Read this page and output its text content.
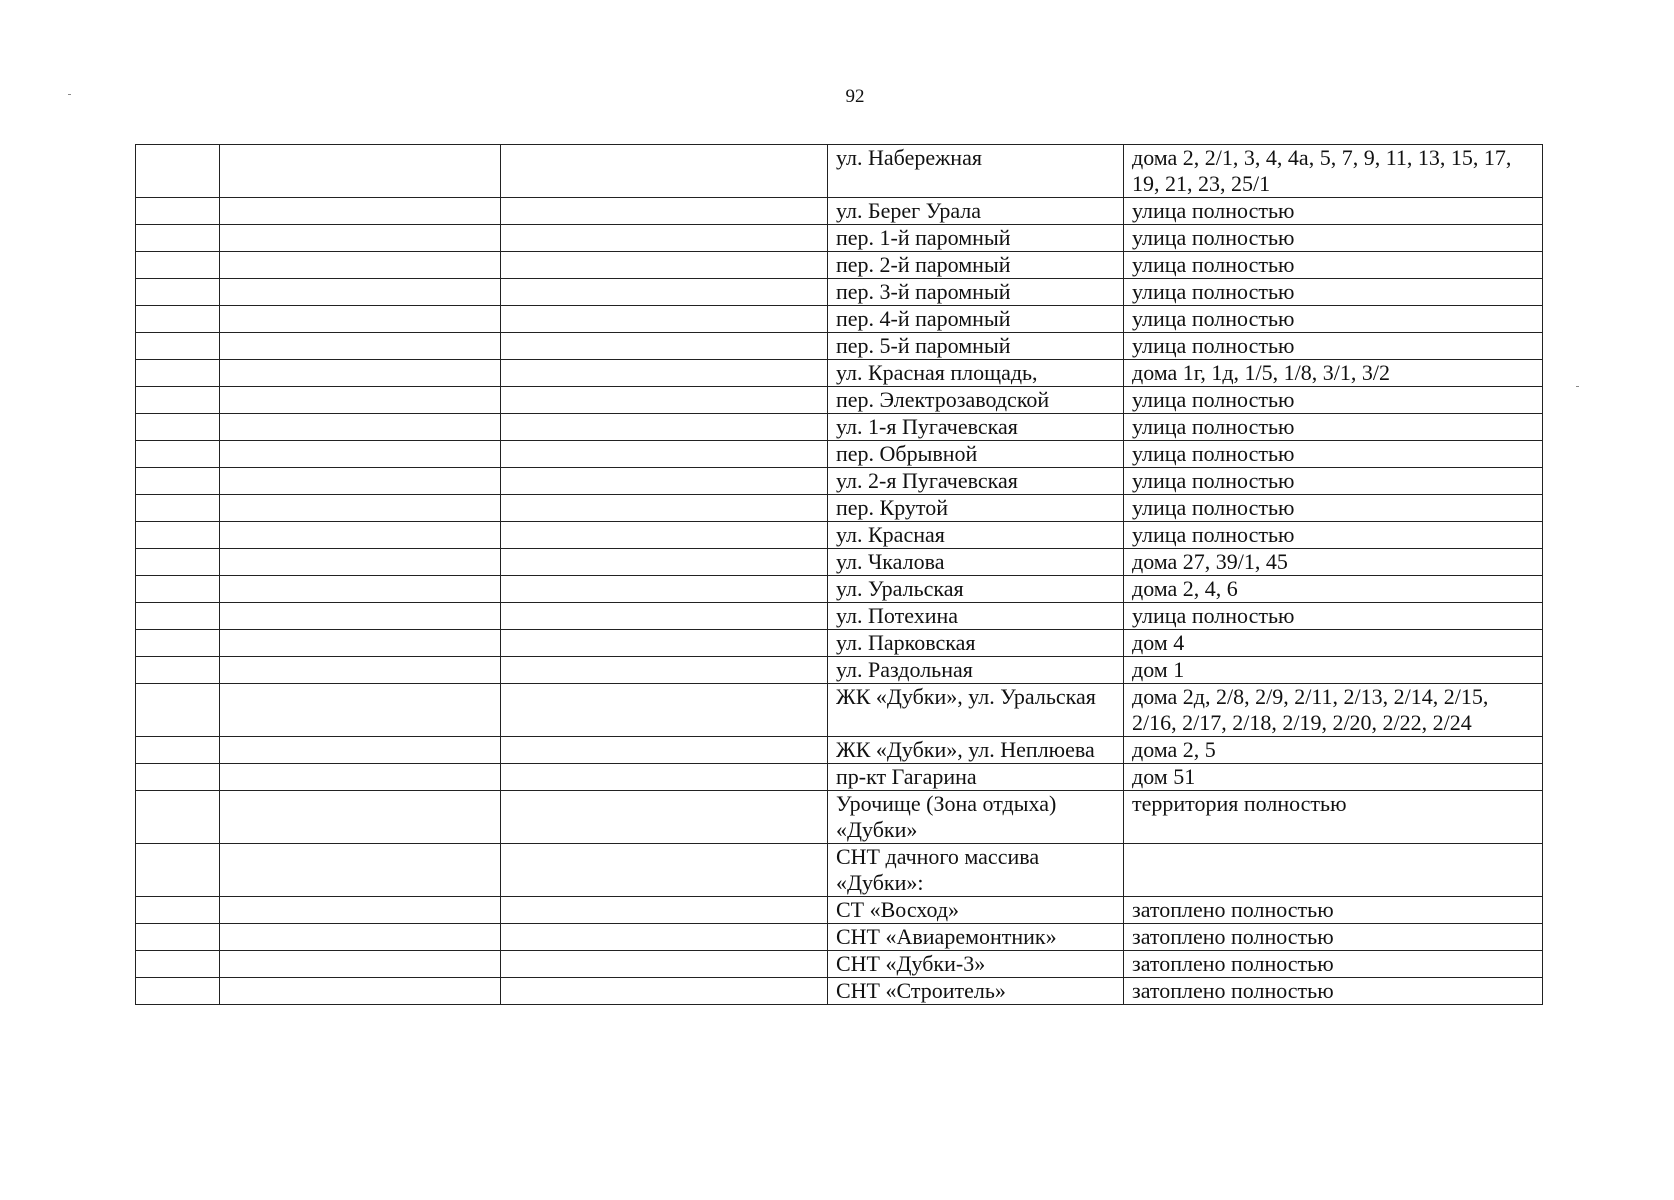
92
			ул. Набережная	дома 2, 2/1, 3, 4, 4а, 5, 7, 9, 11, 13, 15, 17, 19, 21, 23, 25/1
			ул. Берег Урала	улица полностью
			пер. 1-й паромный	улица полностью
			пер. 2-й паромный	улица полностью
			пер. 3-й паромный	улица полностью
			пер. 4-й паромный	улица полностью
			пер. 5-й паромный	улица полностью
			ул. Красная площадь,	дома 1г, 1д, 1/5, 1/8, 3/1, 3/2
			пер. Электрозаводской	улица полностью
			ул. 1-я Пугачевская	улица полностью
			пер. Обрывной	улица полностью
			ул. 2-я Пугачевская	улица полностью
			пер. Крутой	улица полностью
			ул. Красная	улица полностью
			ул. Чкалова	дома 27, 39/1, 45
			ул. Уральская	дома 2, 4, 6
			ул. Потехина	улица полностью
			ул. Парковская	дом 4
			ул. Раздольная	дом 1
			ЖК «Дубки», ул. Уральская	дома 2д, 2/8, 2/9, 2/11, 2/13, 2/14, 2/15, 2/16, 2/17, 2/18, 2/19, 2/20, 2/22, 2/24
			ЖК «Дубки», ул. Неплюева	дома 2, 5
			пр-кт Гагарина	дом 51
			Урочище (Зона отдыха) «Дубки»	территория полностью
			СНТ дачного массива «Дубки»:	
			СТ «Восход»	затоплено полностью
			СНТ «Авиаремонтник»	затоплено полностью
			СНТ «Дубки-3»	затоплено полностью
			СНТ «Строитель»	затоплено полностью
